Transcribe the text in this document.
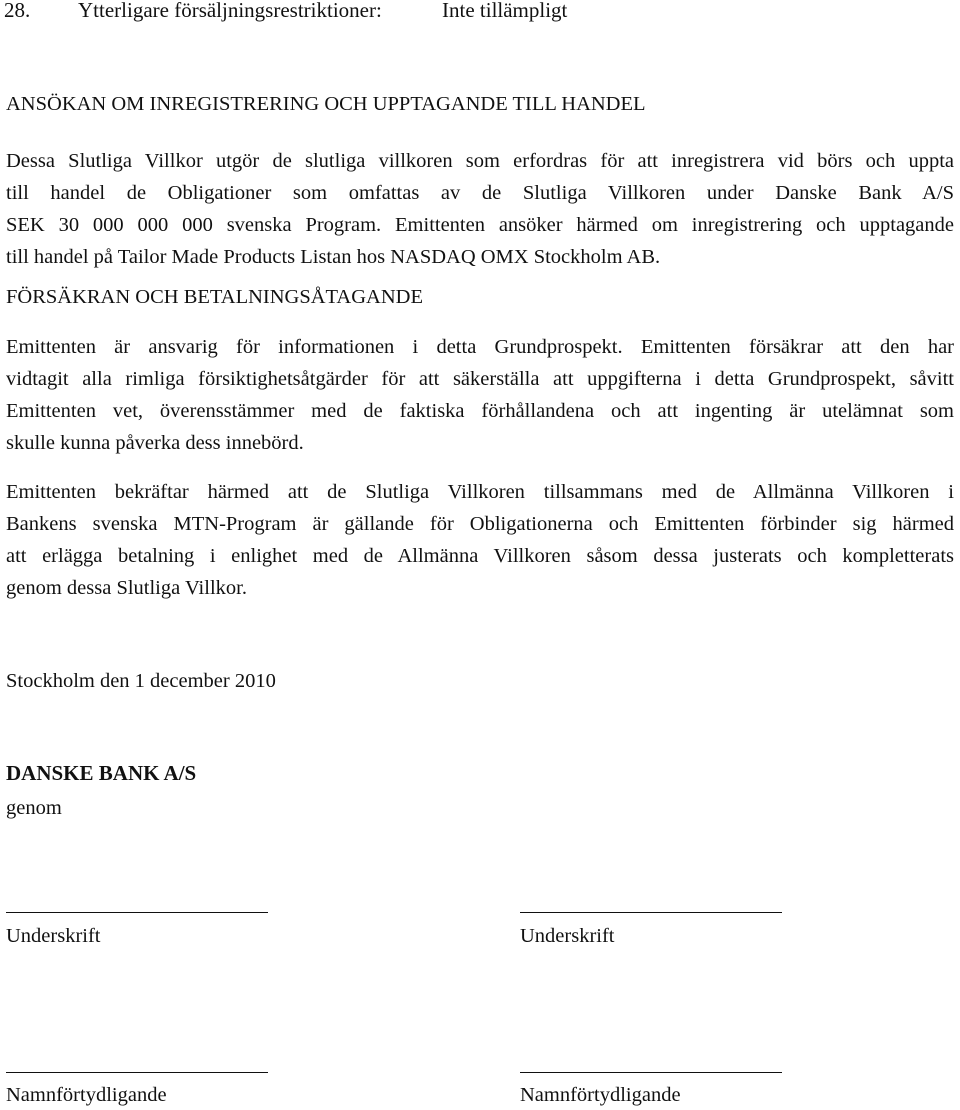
28. Ytterligare försäljningsrestriktioner:	Inte tillämpligt
ANSÖKAN OM INREGISTRERING OCH UPPTAGANDE TILL HANDEL
Dessa Slutliga Villkor utgör de slutliga villkoren som erfordras för att inregistrera vid börs och uppta
till handel de Obligationer som omfattas av de Slutliga Villkoren under Danske Bank A/S
SEK 30 000 000 000 svenska Program. Emittenten ansöker härmed om inregistrering och upptagande
till handel på Tailor Made Products Listan hos NASDAQ OMX Stockholm AB.
FÖRSÄKRAN OCH BETALNINGSÅTAGANDE
Emittenten är ansvarig för informationen i detta Grundprospekt. Emittenten försäkrar att den har
vidtagit alla rimliga försiktighetsåtgärder för att säkerställa att uppgifterna i detta Grundprospekt, såvitt
Emittenten vet, överensstämmer med de faktiska förhållandena och att ingenting är utelämnat som
skulle kunna påverka dess innebörd.
Emittenten bekräftar härmed att de Slutliga Villkoren tillsammans med de Allmänna Villkoren i
Bankens svenska MTN-Program är gällande för Obligationerna och Emittenten förbinder sig härmed
att erlägga betalning i enlighet med de Allmänna Villkoren såsom dessa justerats och kompletterats
genom dessa Slutliga Villkor.
Stockholm den 1 december 2010
DANSKE BANK A/S
genom
Underskrift	Underskrift
Namnförtydligande	Namnförtydligande
